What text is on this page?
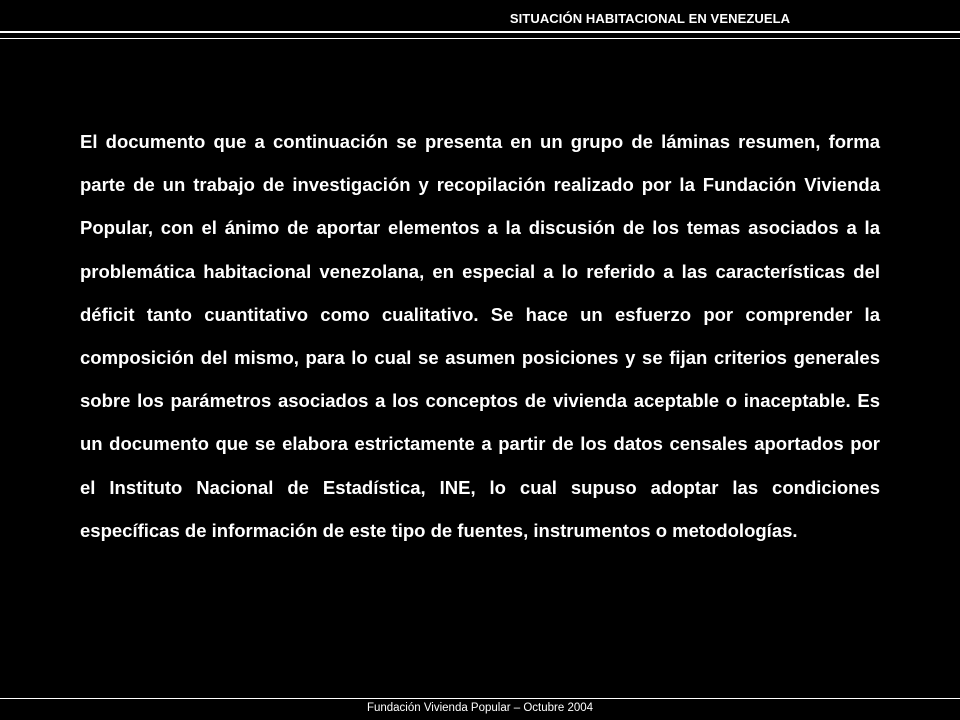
SITUACIÓN HABITACIONAL EN VENEZUELA

El documento que a continuación se presenta en un grupo de láminas resumen, forma parte de un trabajo de investigación y recopilación realizado por la Fundación Vivienda Popular, con el ánimo de aportar elementos a la discusión de los temas asociados a la problemática habitacional venezolana, en especial a lo referido a las características del déficit tanto cuantitativo como cualitativo. Se hace un esfuerzo por comprender la composición del mismo, para lo cual se asumen posiciones y se fijan criterios generales sobre los parámetros asociados a los conceptos de vivienda aceptable o inaceptable. Es un documento que se elabora estrictamente a partir de los datos censales aportados por el Instituto Nacional de Estadística, INE, lo cual supuso adoptar las condiciones específicas de información de este tipo de fuentes, instrumentos o metodologías.

Fundación Vivienda Popular – Octubre 2004
